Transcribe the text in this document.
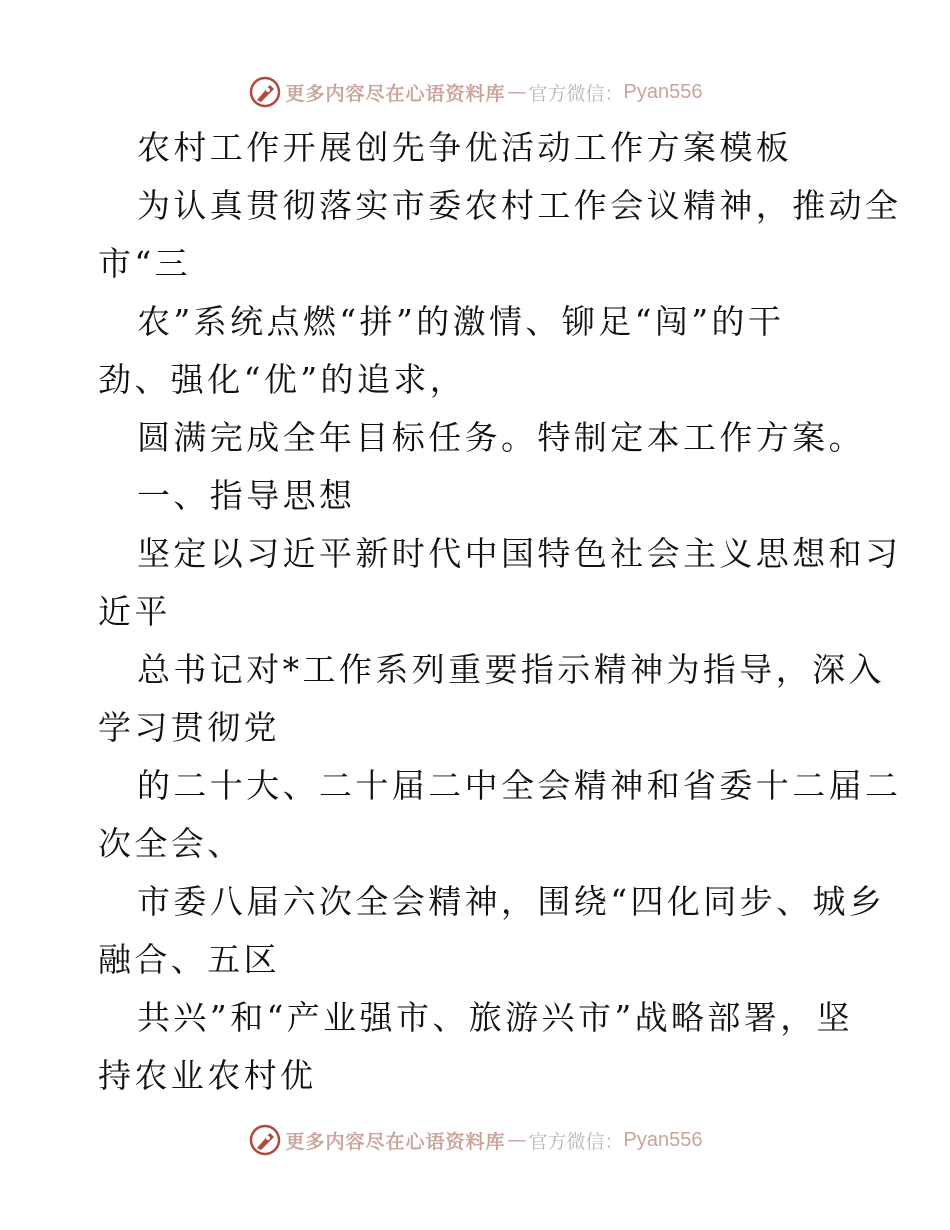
更多内容尽在心语资料库 — 官方微信： Pyan556
农村工作开展创先争优活动工作方案模板
为认真贯彻落实市委农村工作会议精神，推动全
市“三
农”系统点燃“拼”的激情、铆足“闯”的干
劲、强化“优”的追求，
圆满完成全年目标任务。特制定本工作方案。
一、指导思想
坚定以习近平新时代中国特色社会主义思想和习
近平
总书记对*工作系列重要指示精神为指导，深入
学习贯彻党
的二十大、二十届二中全会精神和省委十二届二
次全会、
市委八届六次全会精神，围绕“四化同步、城乡
融合、五区
共兴”和“产业强市、旅游兴市”战略部署，坚
持农业农村优
更多内容尽在心语资料库 — 官方微信： Pyan556
